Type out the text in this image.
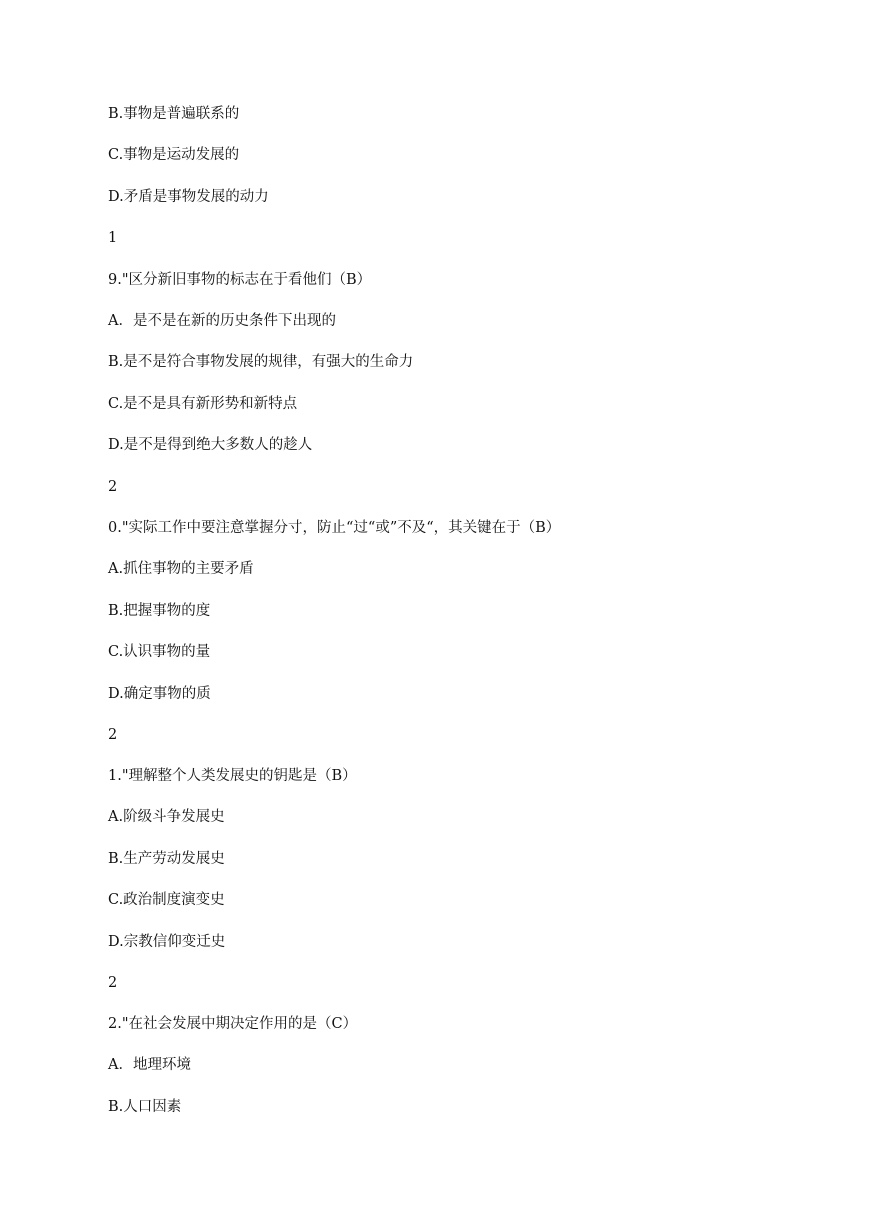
B.事物是普遍联系的

C.事物是运动发展的

D.矛盾是事物发展的动力

1

9."区分新旧事物的标志在于看他们（B）

A．是不是在新的历史条件下出现的

B.是不是符合事物发展的规律，有强大的生命力

C.是不是具有新形势和新特点

D.是不是得到绝大多数人的趁人

2

0."实际工作中要注意掌握分寸，防止“过“或”不及“，其关键在于（B）

A.抓住事物的主要矛盾

B.把握事物的度

C.认识事物的量

D.确定事物的质

2

1."理解整个人类发展史的钥匙是（B）

A.阶级斗争发展史

B.生产劳动发展史

C.政治制度演变史

D.宗教信仰变迁史

2

2."在社会发展中期决定作用的是（C）

A．地理环境

B.人口因素
